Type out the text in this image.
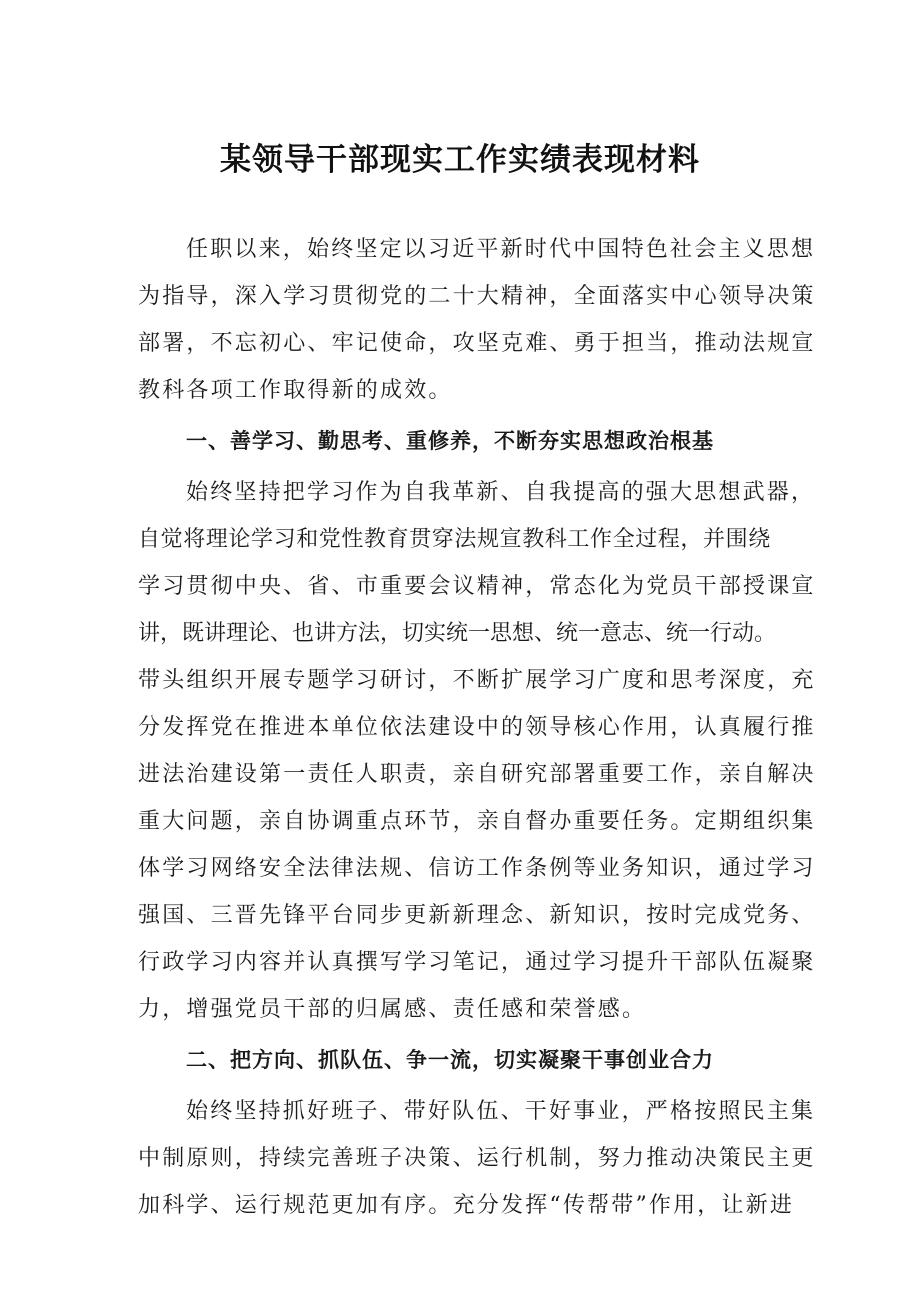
某领导干部现实工作实绩表现材料

任职以来，始终坚定以习近平新时代中国特色社会主义思想

为指导，深入学习贯彻党的二十大精神，全面落实中心领导决策

部署，不忘初心、牢记使命，攻坚克难、勇于担当，推动法规宣

教科各项工作取得新的成效。

一、善学习、勤思考、重修养，不断夯实思想政治根基

始终坚持把学习作为自我革新、自我提高的强大思想武器，

自觉将理论学习和党性教育贯穿法规宣教科工作全过程，并围绕

学习贯彻中央、省、市重要会议精神，常态化为党员干部授课宣

讲，既讲理论、也讲方法，切实统一思想、统一意志、统一行动。

带头组织开展专题学习研讨，不断扩展学习广度和思考深度，充

分发挥党在推进本单位依法建设中的领导核心作用，认真履行推

进法治建设第一责任人职责，亲自研究部署重要工作，亲自解决

重大问题，亲自协调重点环节，亲自督办重要任务。定期组织集

体学习网络安全法律法规、信访工作条例等业务知识，通过学习

强国、三晋先锋平台同步更新新理念、新知识，按时完成党务、

行政学习内容并认真撰写学习笔记，通过学习提升干部队伍凝聚

力，增强党员干部的归属感、责任感和荣誉感。

二、把方向、抓队伍、争一流，切实凝聚干事创业合力

始终坚持抓好班子、带好队伍、干好事业，严格按照民主集

中制原则，持续完善班子决策、运行机制，努力推动决策民主更

加科学、运行规范更加有序。充分发挥“传帮带”作用，让新进
